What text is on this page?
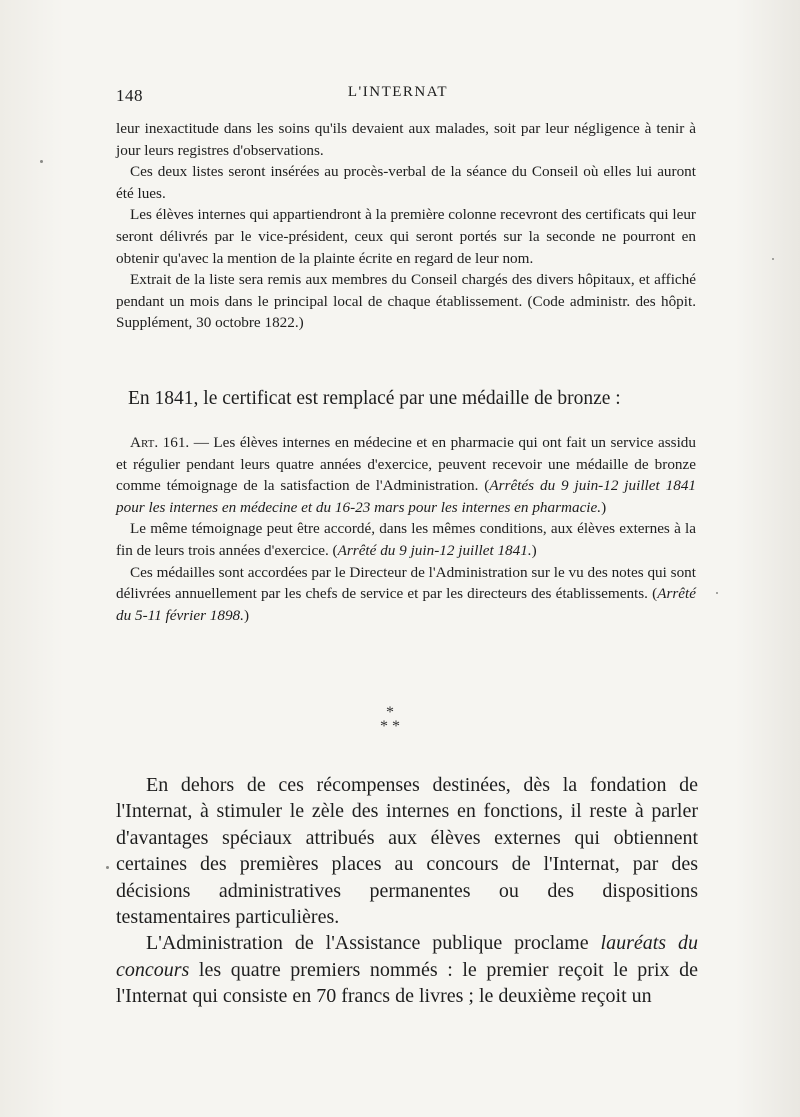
148	L'INTERNAT

leur inexactitude dans les soins qu'ils devaient aux malades, soit par leur négligence à tenir à jour leurs registres d'observations.

Ces deux listes seront insérées au procès-verbal de la séance du Conseil où elles lui auront été lues.

Les élèves internes qui appartiendront à la première colonne recevront des certificats qui leur seront délivrés par le vice-président, ceux qui seront portés sur la seconde ne pourront en obtenir qu'avec la mention de la plainte écrite en regard de leur nom.

Extrait de la liste sera remis aux membres du Conseil chargés des divers hôpitaux, et affiché pendant un mois dans le principal local de chaque établissement. (Code administr. des hôpit. Supplément, 30 octobre 1822.)

En 1841, le certificat est remplacé par une médaille de bronze :

Art. 161. — Les élèves internes en médecine et en pharmacie qui ont fait un service assidu et régulier pendant leurs quatre années d'exercice, peuvent recevoir une médaille de bronze comme témoignage de la satisfaction de l'Administration. (Arrêtés du 9 juin-12 juillet 1841 pour les internes en médecine et du 16-23 mars pour les internes en pharmacie.)

Le même témoignage peut être accordé, dans les mêmes conditions, aux élèves externes à la fin de leurs trois années d'exercice. (Arrêté du 9 juin-12 juillet 1841.)

Ces médailles sont accordées par le Directeur de l'Administration sur le vu des notes qui sont délivrées annuellement par les chefs de service et par les directeurs des établissements. (Arrêté du 5-11 février 1898.)

*
* *

En dehors de ces récompenses destinées, dès la fondation de l'Internat, à stimuler le zèle des internes en fonctions, il reste à parler d'avantages spéciaux attribués aux élèves externes qui obtiennent certaines des premières places au concours de l'Internat, par des décisions administratives permanentes ou des dispositions testamentaires particulières.

L'Administration de l'Assistance publique proclame lauréats du concours les quatre premiers nommés : le premier reçoit le prix de l'Internat qui consiste en 70 francs de livres ; le deuxième reçoit un
